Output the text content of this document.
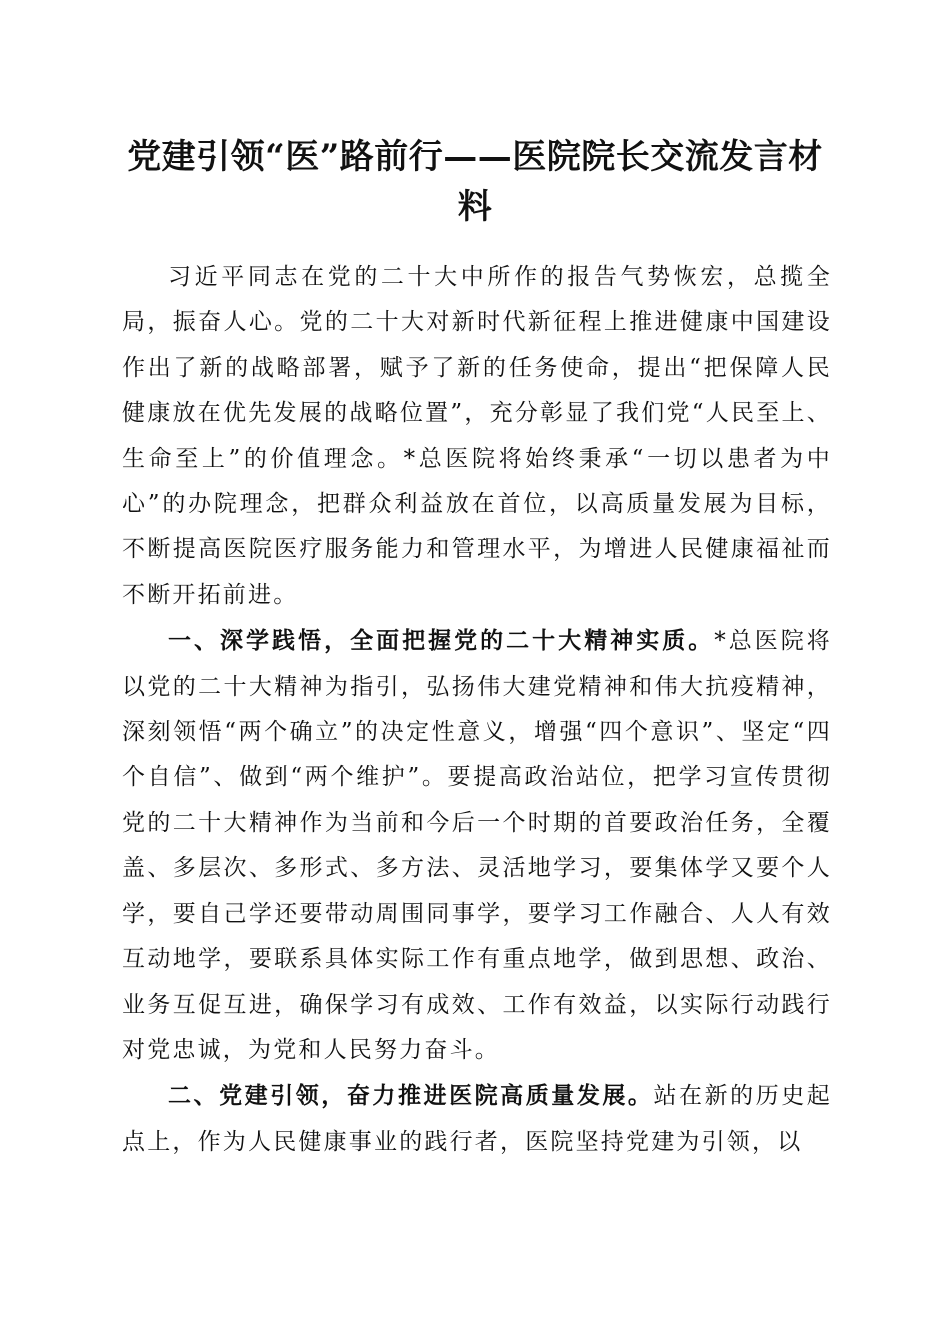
党建引领“医”路前行——医院院长交流发言材料

习近平同志在党的二十大中所作的报告气势恢宏，总揽全局，振奋人心。党的二十大对新时代新征程上推进健康中国建设作出了新的战略部署，赋予了新的任务使命，提出“把保障人民健康放在优先发展的战略位置”，充分彰显了我们党“人民至上、生命至上”的价值理念。*总医院将始终秉承“一切以患者为中心”的办院理念，把群众利益放在首位，以高质量发展为目标，不断提高医院医疗服务能力和管理水平，为增进人民健康福祉而不断开拓前进。

一、深学践悟，全面把握党的二十大精神实质。*总医院将以党的二十大精神为指引，弘扬伟大建党精神和伟大抗疫精神，深刻领悟“两个确立”的决定性意义，增强“四个意识”、坚定“四个自信”、做到“两个维护”。要提高政治站位，把学习宣传贯彻党的二十大精神作为当前和今后一个时期的首要政治任务，全覆盖、多层次、多形式、多方法、灵活地学习，要集体学又要个人学，要自己学还要带动周围同事学，要学习工作融合、人人有效互动地学，要联系具体实际工作有重点地学，做到思想、政治、业务互促互进，确保学习有成效、工作有效益，以实际行动践行对党忠诚，为党和人民努力奋斗。

二、党建引领，奋力推进医院高质量发展。站在新的历史起点上，作为人民健康事业的践行者，医院坚持党建为引领，以
